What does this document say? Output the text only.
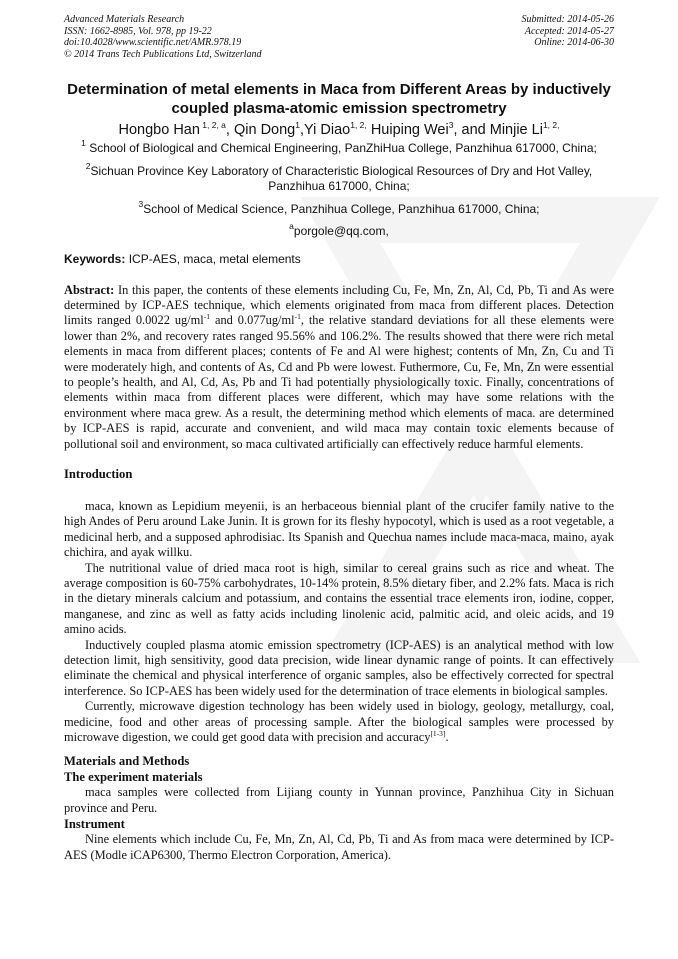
Advanced Materials Research
ISSN: 1662-8985, Vol. 978, pp 19-22
doi:10.4028/www.scientific.net/AMR.978.19
© 2014 Trans Tech Publications Ltd, Switzerland
Submitted: 2014-05-26
Accepted: 2014-05-27
Online: 2014-06-30
Determination of metal elements in Maca from Different Areas by inductively coupled plasma-atomic emission spectrometry
Hongbo Han $^{1, 2, a}$, Qin Dong$^1$,Yi Diao$^{1, 2,}$ Huiping Wei$^3$, and Minjie $Li^{1, 2,}$

$^1$ School of Biological and Chemical Engineering, PanZhiHua College, Panzhihua 617000, China;

$^2$Sichuan Province Key Laboratory of Characteristic Biological Resources of Dry and Hot Valley, Panzhihua 617000, China;

$^3$School of Medical Science, Panzhihua College, Panzhihua 617000, China;

$^a$porgole@qq.com,

Keywords: ICP-AES, maca, metal elements

Abstract: In this paper, the contents of these elements including Cu, Fe, Mn, Zn, Al, Cd, Pb, Ti and As were determined by ICP-AES technique, which elements originated from maca from different places. Detection limits ranged 0.0022 $ug/ml^{-1}$ and $0.077ug/ml^{-1}$, the relative standard deviations for all these elements were lower than 2%, and recovery rates ranged 95.56% and 106.2%. The results showed that there were rich metal elements in maca from different places; contents of Fe and Al were highest; contents of Mn, Zn, Cu and Ti were moderately high, and contents of As, Cd and Pb were lowest. Futhermore, Cu, Fe, Mn, Zn were essential to people’s health, and Al, Cd, As, Pb and Ti had potentially physiologically toxic. Finally, concentrations of elements within maca from different places were different, which may have some relations with the environment where maca grew. As a result, the determining method which elements of maca. are determined by ICP-AES is rapid, accurate and convenient, and wild maca may contain toxic elements because of pollutional soil and environment, so maca cultivated artificially can effectively reduce harmful elements.

Introduction

maca, known as Lepidium meyenii, is an herbaceous biennial plant of the crucifer family native to the high Andes of Peru around Lake Junin. It is grown for its fleshy hypocotyl, which is used as a root vegetable, a medicinal herb, and a supposed aphrodisiac. Its Spanish and Quechua names include maca-maca, maino, ayak chichira, and ayak willku.

The nutritional value of dried maca root is high, similar to cereal grains such as rice and wheat. The average composition is 60-75% carbohydrates, 10-14% protein, 8.5% dietary fiber, and 2.2% fats. Maca is rich in the dietary minerals calcium and potassium, and contains the essential trace elements iron, iodine, copper, manganese, and zinc as well as fatty acids including linolenic acid, palmitic acid, and oleic acids, and 19 amino acids.

Inductively coupled plasma atomic emission spectrometry (ICP-AES) is an analytical method with low detection limit, high sensitivity, good data precision, wide linear dynamic range of points. It can effectively eliminate the chemical and physical interference of organic samples, also be effectively corrected for spectral interference. So ICP-AES has been widely used for the determination of trace elements in biological samples.

Currently, microwave digestion technology has been widely used in biology, geology, metallurgy, coal, medicine, food and other areas of processing sample. After the biological samples were processed by microwave digestion, we could get good data with precision and accuracy[1-3].

Materials and Methods
The experiment materials

maca samples were collected from Lijiang county in Yunnan province, Panzhihua City in Sichuan province and Peru.

Instrument

Nine elements which include Cu, Fe, Mn, Zn, Al, Cd, Pb, Ti and As from maca were determined by ICP-AES (Modle iCAP6300, Thermo Electron Corporation, America).
